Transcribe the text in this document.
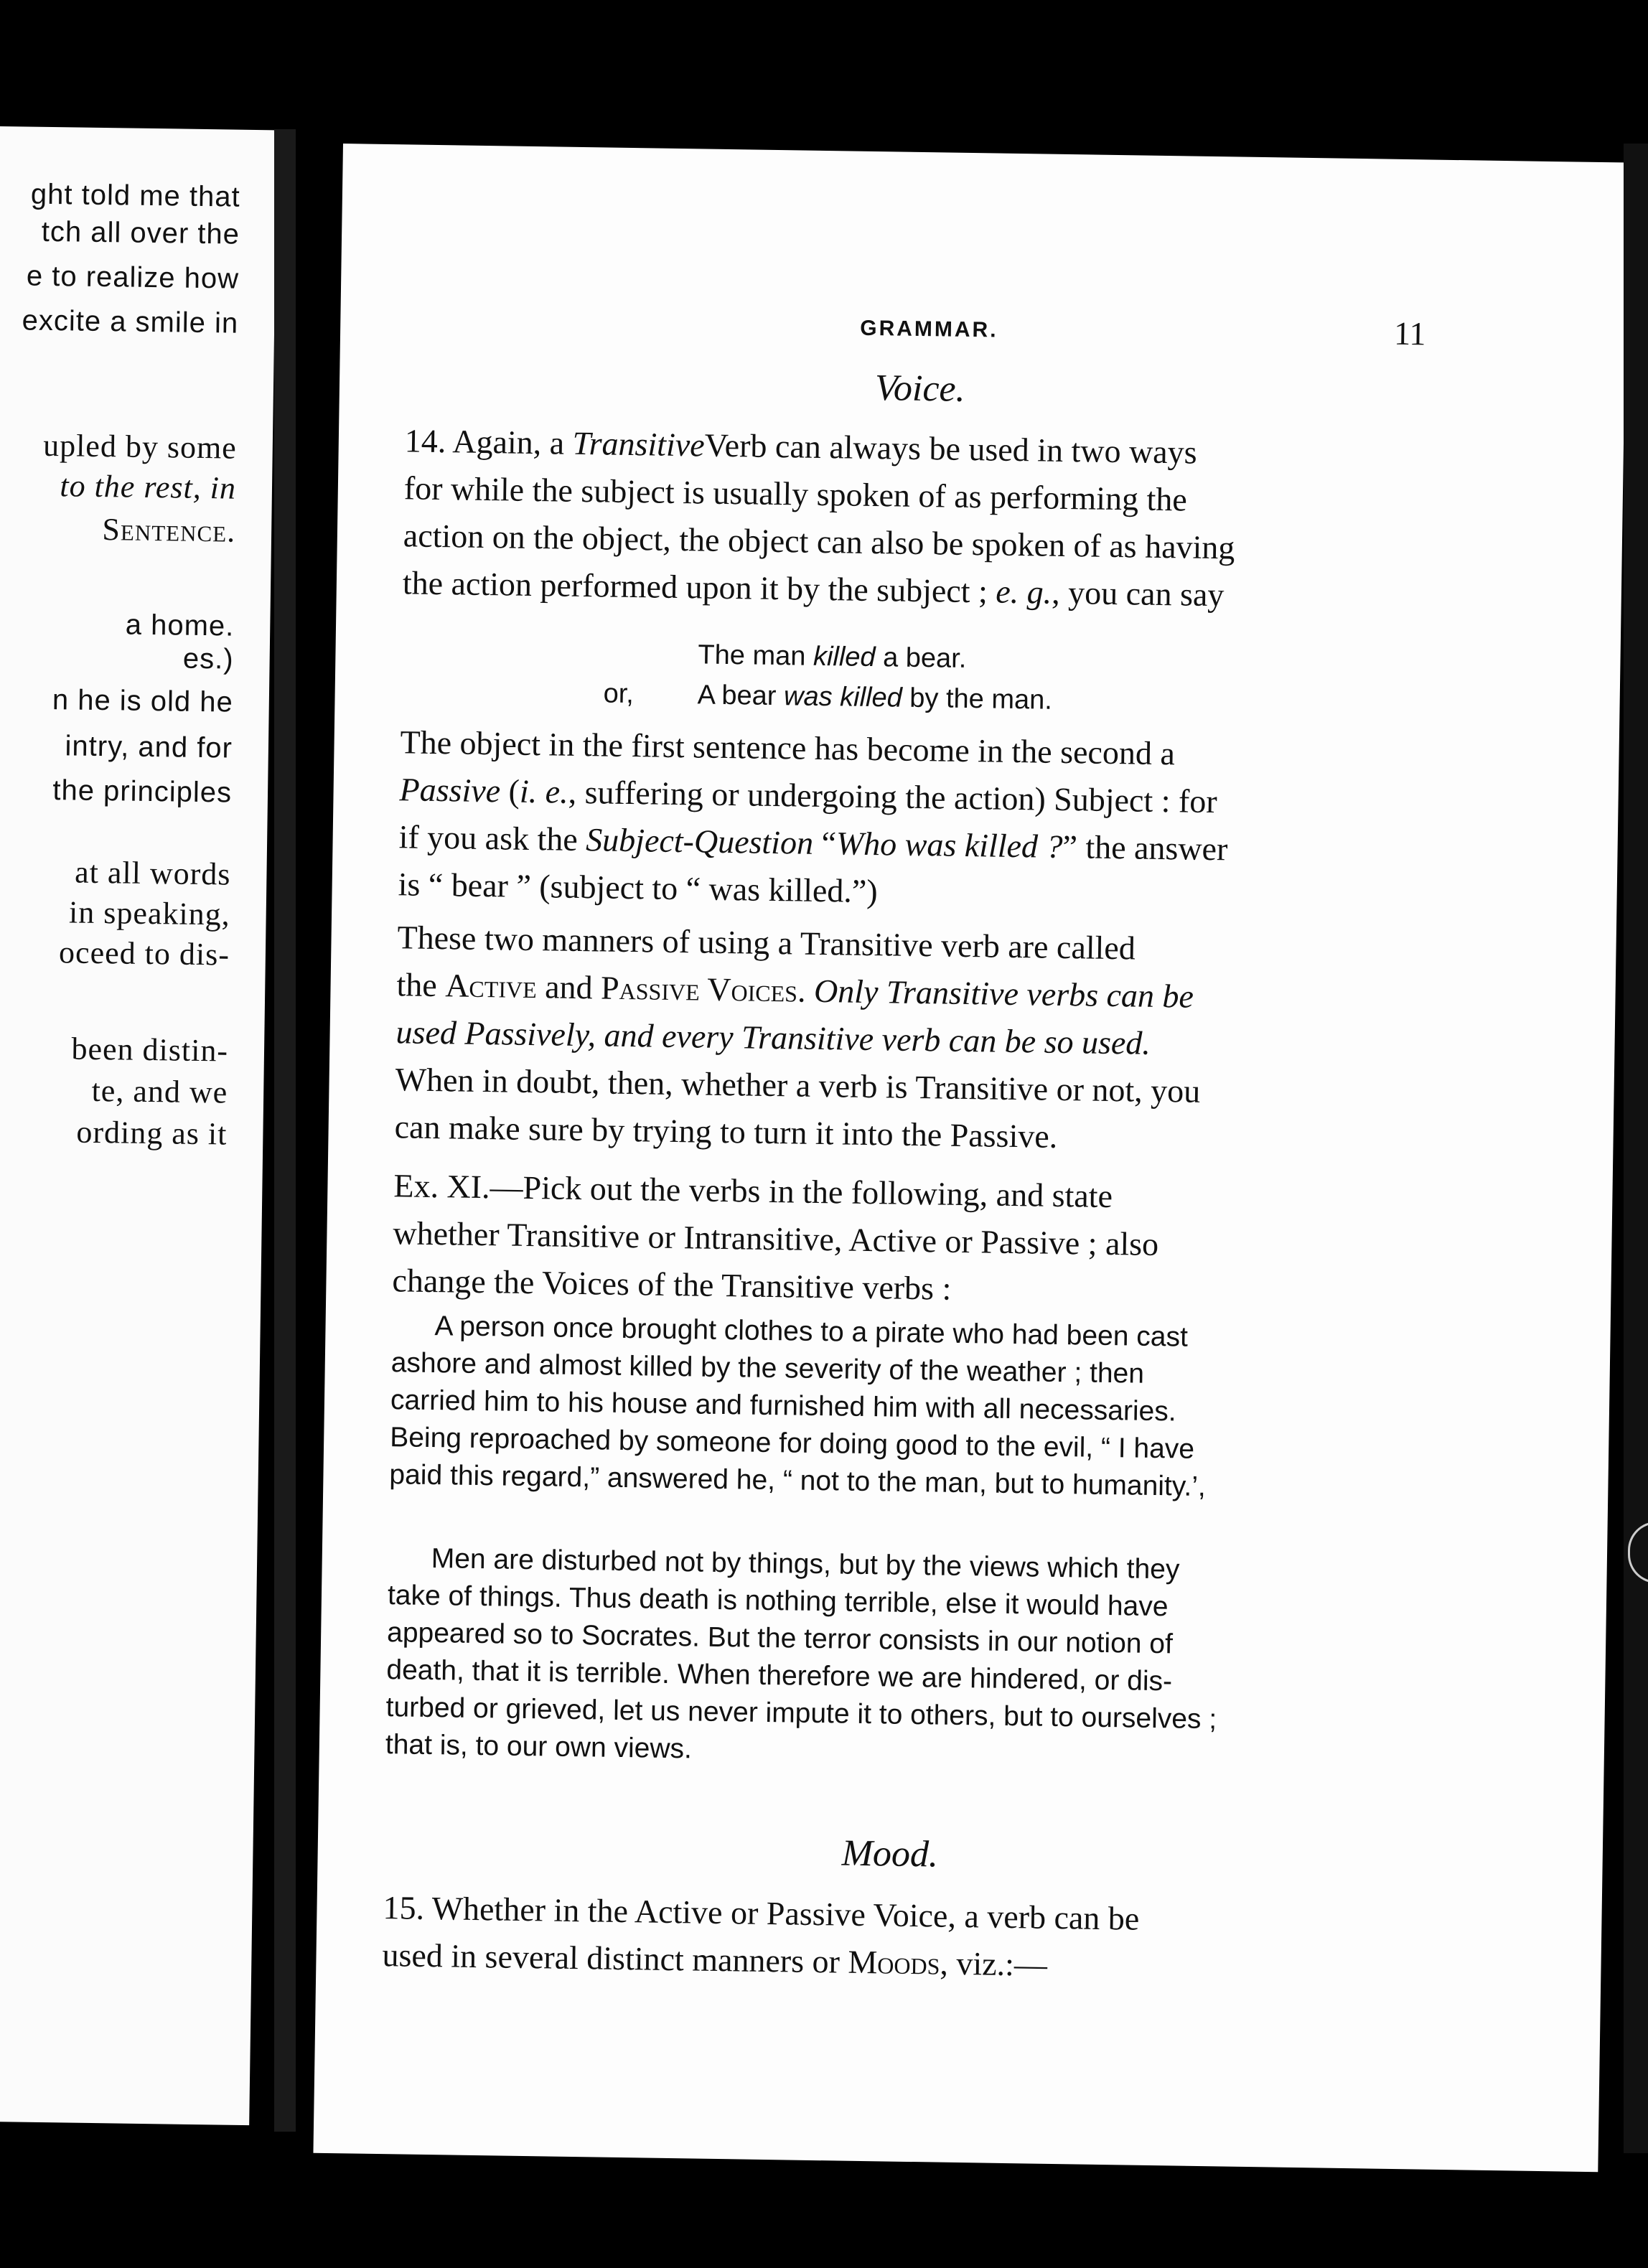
ght told me that
tch all over the
e to realize how
excite a smile in
upled by some
to the rest, in
Sentence.
a home.
es.)
n he is old he
intry, and for
the principles
at all words
in speaking,
oceed to dis-
been distin-
te, and we
ording as it
GRAMMAR.	11
Voice.
14. Again, a TransitiveVerb can always be used in two ways
for while the subject is usually spoken of as performing the
action on the object, the object can also be spoken of as having
the action performed upon it by the subject ; e. g., you can say
The man killed a bear.
or, A bear was killed by the man.
The object in the first sentence has become in the second a
Passive (i. e., suffering or undergoing the action) Subject : for
if you ask the Subject-Question “Who was killed ?” the answer
is “ bear ” (subject to “ was killed.”)
These two manners of using a Transitive verb are called
the Active and Passive Voices. Only Transitive verbs can be
used Passively, and every Transitive verb can be so used.
When in doubt, then, whether a verb is Transitive or not, you
can make sure by trying to turn it into the Passive.
Ex. XI.—Pick out the verbs in the following, and state
whether Transitive or Intransitive, Active or Passive ; also
change the Voices of the Transitive verbs :
A person once brought clothes to a pirate who had been cast
ashore and almost killed by the severity of the weather ; then
carried him to his house and furnished him with all necessaries.
Being reproached by someone for doing good to the evil, “ I have
paid this regard,” answered he, “ not to the man, but to humanity.’,
Men are disturbed not by things, but by the views which they
take of things. Thus death is nothing terrible, else it would have
appeared so to Socrates. But the terror consists in our notion of
death, that it is terrible. When therefore we are hindered, or dis-
turbed or grieved, let us never impute it to others, but to ourselves ;
that is, to our own views.
Mood.
15. Whether in the Active or Passive Voice, a verb can be
used in several distinct manners or Moods, viz.:—
